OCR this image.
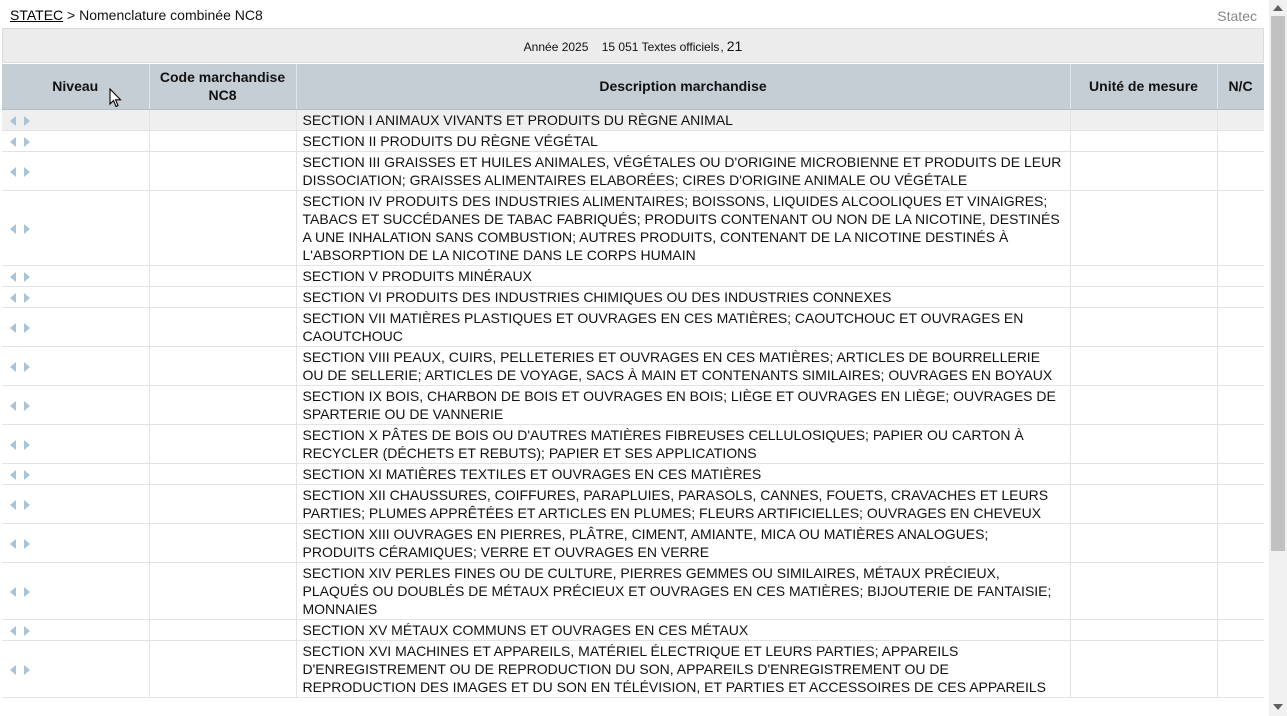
STATEC > Nomenclature combinée NC8	Statec
Année 2025 15 051 Textes officiels, 21
Niveau	Code marchandise NC8	Description marchandise	Unité de mesure	N/C
		SECTION I ANIMAUX VIVANTS ET PRODUITS DU RÈGNE ANIMAL		
		SECTION II PRODUITS DU RÈGNE VÉGÉTAL		
		SECTION III GRAISSES ET HUILES ANIMALES, VÉGÉTALES OU D'ORIGINE MICROBIENNE ET PRODUITS DE LEUR DISSOCIATION; GRAISSES ALIMENTAIRES ELABORÉES; CIRES D'ORIGINE ANIMALE OU VÉGÉTALE		
		SECTION IV PRODUITS DES INDUSTRIES ALIMENTAIRES; BOISSONS, LIQUIDES ALCOOLIQUES ET VINAIGRES; TABACS ET SUCCÉDANES DE TABAC FABRIQUÉS; PRODUITS CONTENANT OU NON DE LA NICOTINE, DESTINÉS A UNE INHALATION SANS COMBUSTION; AUTRES PRODUITS, CONTENANT DE LA NICOTINE DESTINÉS À L'ABSORPTION DE LA NICOTINE DANS LE CORPS HUMAIN		
		SECTION V PRODUITS MINÉRAUX		
		SECTION VI PRODUITS DES INDUSTRIES CHIMIQUES OU DES INDUSTRIES CONNEXES		
		SECTION VII MATIÈRES PLASTIQUES ET OUVRAGES EN CES MATIÈRES; CAOUTCHOUC ET OUVRAGES EN CAOUTCHOUC		
		SECTION VIII PEAUX, CUIRS, PELLETERIES ET OUVRAGES EN CES MATIÈRES; ARTICLES DE BOURRELLERIE OU DE SELLERIE; ARTICLES DE VOYAGE, SACS À MAIN ET CONTENANTS SIMILAIRES; OUVRAGES EN BOYAUX		
		SECTION IX BOIS, CHARBON DE BOIS ET OUVRAGES EN BOIS; LIÈGE ET OUVRAGES EN LIÈGE; OUVRAGES DE SPARTERIE OU DE VANNERIE		
		SECTION X PÂTES DE BOIS OU D'AUTRES MATIÈRES FIBREUSES CELLULOSIQUES; PAPIER OU CARTON À RECYCLER (DÉCHETS ET REBUTS); PAPIER ET SES APPLICATIONS		
		SECTION XI MATIÈRES TEXTILES ET OUVRAGES EN CES MATIÈRES		
		SECTION XII CHAUSSURES, COIFFURES, PARAPLUIES, PARASOLS, CANNES, FOUETS, CRAVACHES ET LEURS PARTIES; PLUMES APPRÊTÉES ET ARTICLES EN PLUMES; FLEURS ARTIFICIELLES; OUVRAGES EN CHEVEUX		
		SECTION XIII OUVRAGES EN PIERRES, PLÂTRE, CIMENT, AMIANTE, MICA OU MATIÈRES ANALOGUES; PRODUITS CÉRAMIQUES; VERRE ET OUVRAGES EN VERRE		
		SECTION XIV PERLES FINES OU DE CULTURE, PIERRES GEMMES OU SIMILAIRES, MÉTAUX PRÉCIEUX, PLAQUÉS OU DOUBLÉS DE MÉTAUX PRÉCIEUX ET OUVRAGES EN CES MATIÈRES; BIJOUTERIE DE FANTAISIE; MONNAIES		
		SECTION XV MÉTAUX COMMUNS ET OUVRAGES EN CES MÉTAUX		
		SECTION XVI MACHINES ET APPAREILS, MATÉRIEL ÉLECTRIQUE ET LEURS PARTIES; APPAREILS D'ENREGISTREMENT OU DE REPRODUCTION DU SON, APPAREILS D'ENREGISTREMENT OU DE REPRODUCTION DES IMAGES ET DU SON EN TÉLÉVISION, ET PARTIES ET ACCESSOIRES DE CES APPAREILS		
